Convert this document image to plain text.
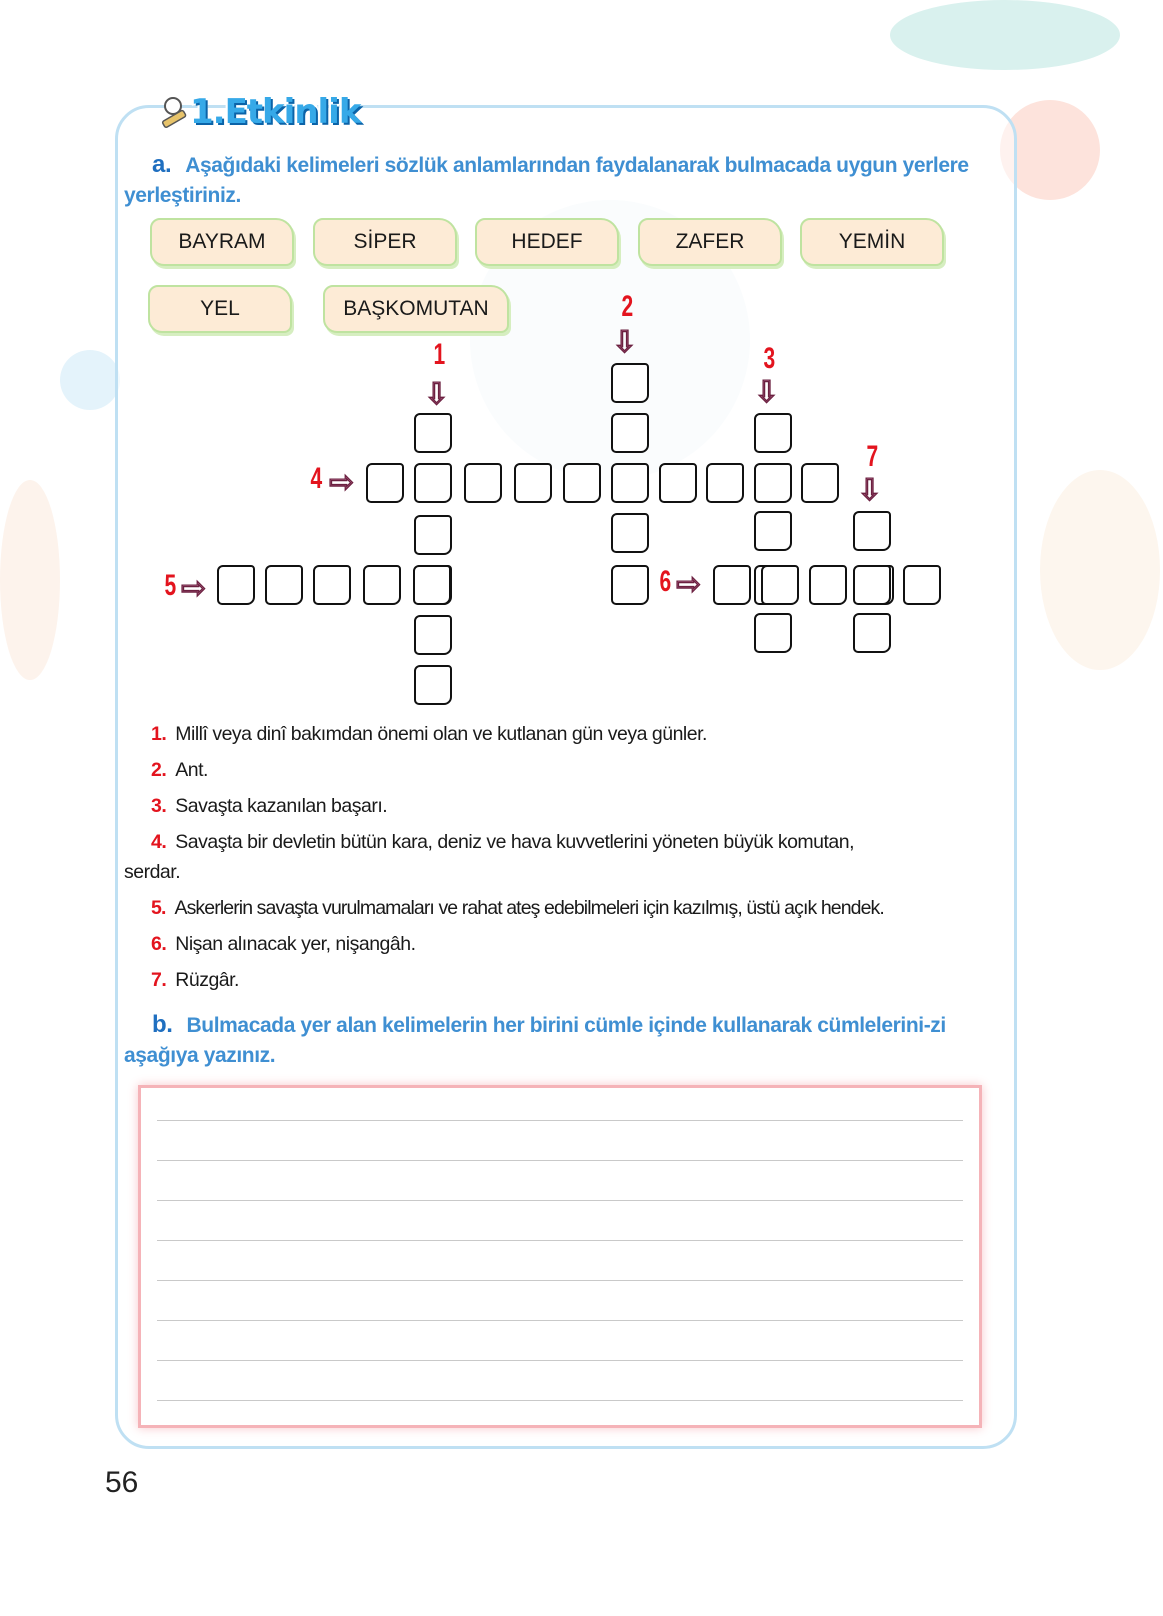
1.Etkinlik
a. Aşağıdaki kelimeleri sözlük anlamlarından faydalanarak bulmacada uygun yerlere yerleştiriniz.
BAYRAM	SİPER	HEDEF	ZAFER	YEMİN
YEL	BAŞKOMUTAN
1
⇩
2
⇩	3
⇩
4 ⇨
5 ⇨	6 ⇨
7
⇩
1. Millî veya dinî bakımdan önemi olan ve kutlanan gün veya günler.
2. Ant.
3. Savaşta kazanılan başarı.
4. Savaşta bir devletin bütün kara, deniz ve hava kuvvetlerini yöneten büyük komutan,
serdar.
5. Askerlerin savaşta vurulmamaları ve rahat ateş edebilmeleri için kazılmış, üstü açık hendek.
6. Nişan alınacak yer, nişangâh.
7. Rüzgâr.
b. Bulmacada yer alan kelimelerin her birini cümle içinde kullanarak cümlelerini-zi aşağıya yazınız.
56
